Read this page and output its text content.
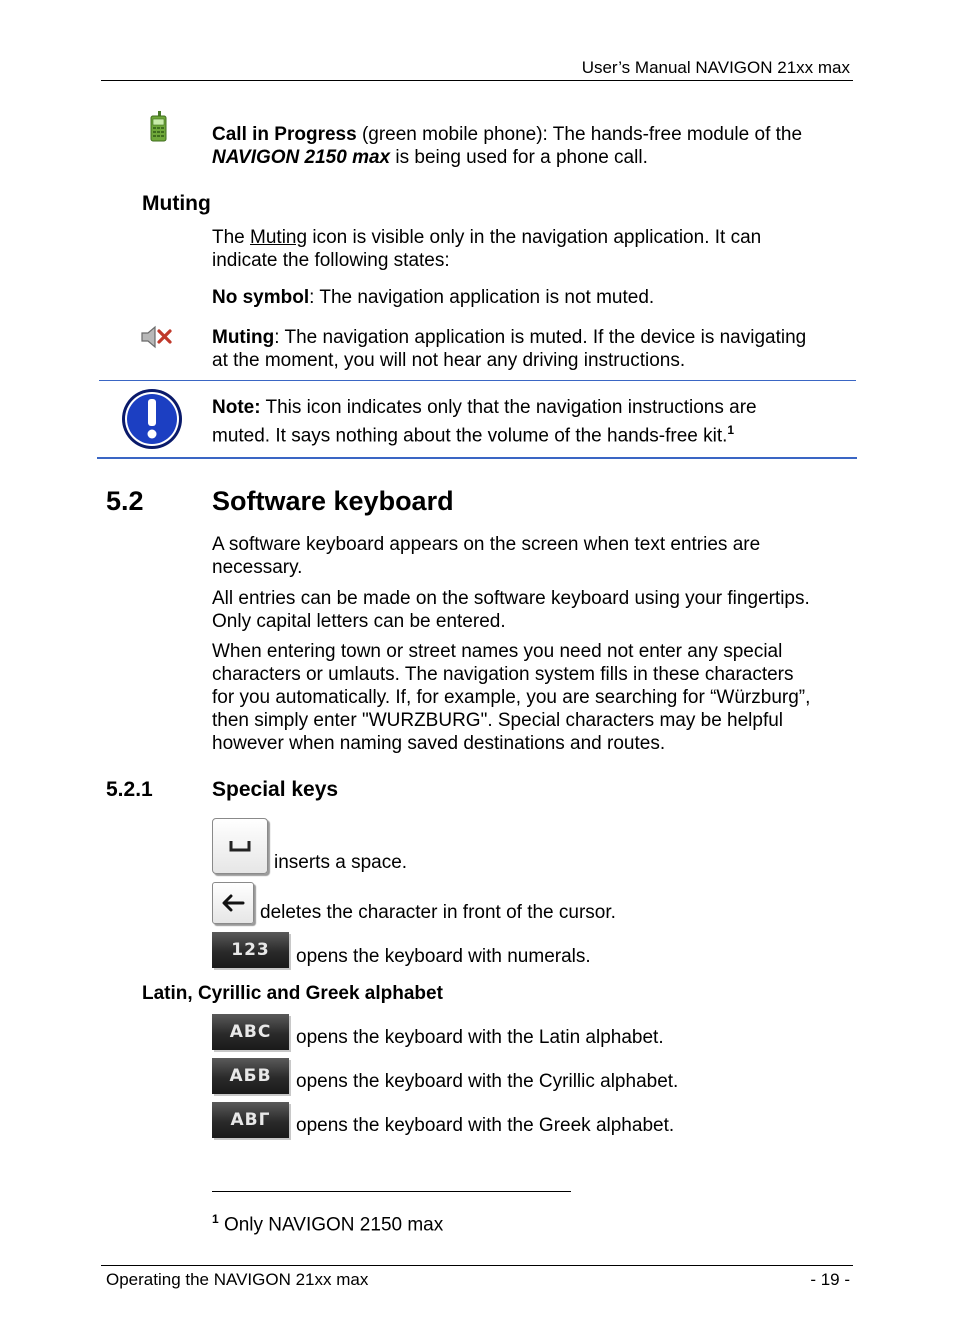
User’s Manual NAVIGON 21xx max
Call in Progress (green mobile phone): The hands-free module of the
NAVIGON 2150 max is being used for a phone call.
Muting
The Muting icon is visible only in the navigation application. It can
indicate the following states:
No symbol: The navigation application is not muted.
Muting: The navigation application is muted. If the device is navigating
at the moment, you will not hear any driving instructions.
Note: This icon indicates only that the navigation instructions are
muted. It says nothing about the volume of the hands-free kit.$^1$
5.2	Software keyboard
A software keyboard appears on the screen when text entries are
necessary.
All entries can be made on the software keyboard using your fingertips.
Only capital letters can be entered.
When entering town or street names you need not enter any special
characters or umlauts. The navigation system fills in these characters
for you automatically. If, for example, you are searching for “Würzburg”,
then simply enter "WURZBURG". Special characters may be helpful
however when naming saved destinations and routes.
5.2.1	Special keys
inserts a space.
deletes the character in front of the cursor.
123	opens the keyboard with numerals.
Latin, Cyrillic and Greek alphabet
ABC	opens the keyboard with the Latin alphabet.
АБВ	opens the keyboard with the Cyrillic alphabet.
ΑΒΓ	opens the keyboard with the Greek alphabet.
$^1$ Only NAVIGON 2150 max
Operating the NAVIGON 21xx max	- 19 -
